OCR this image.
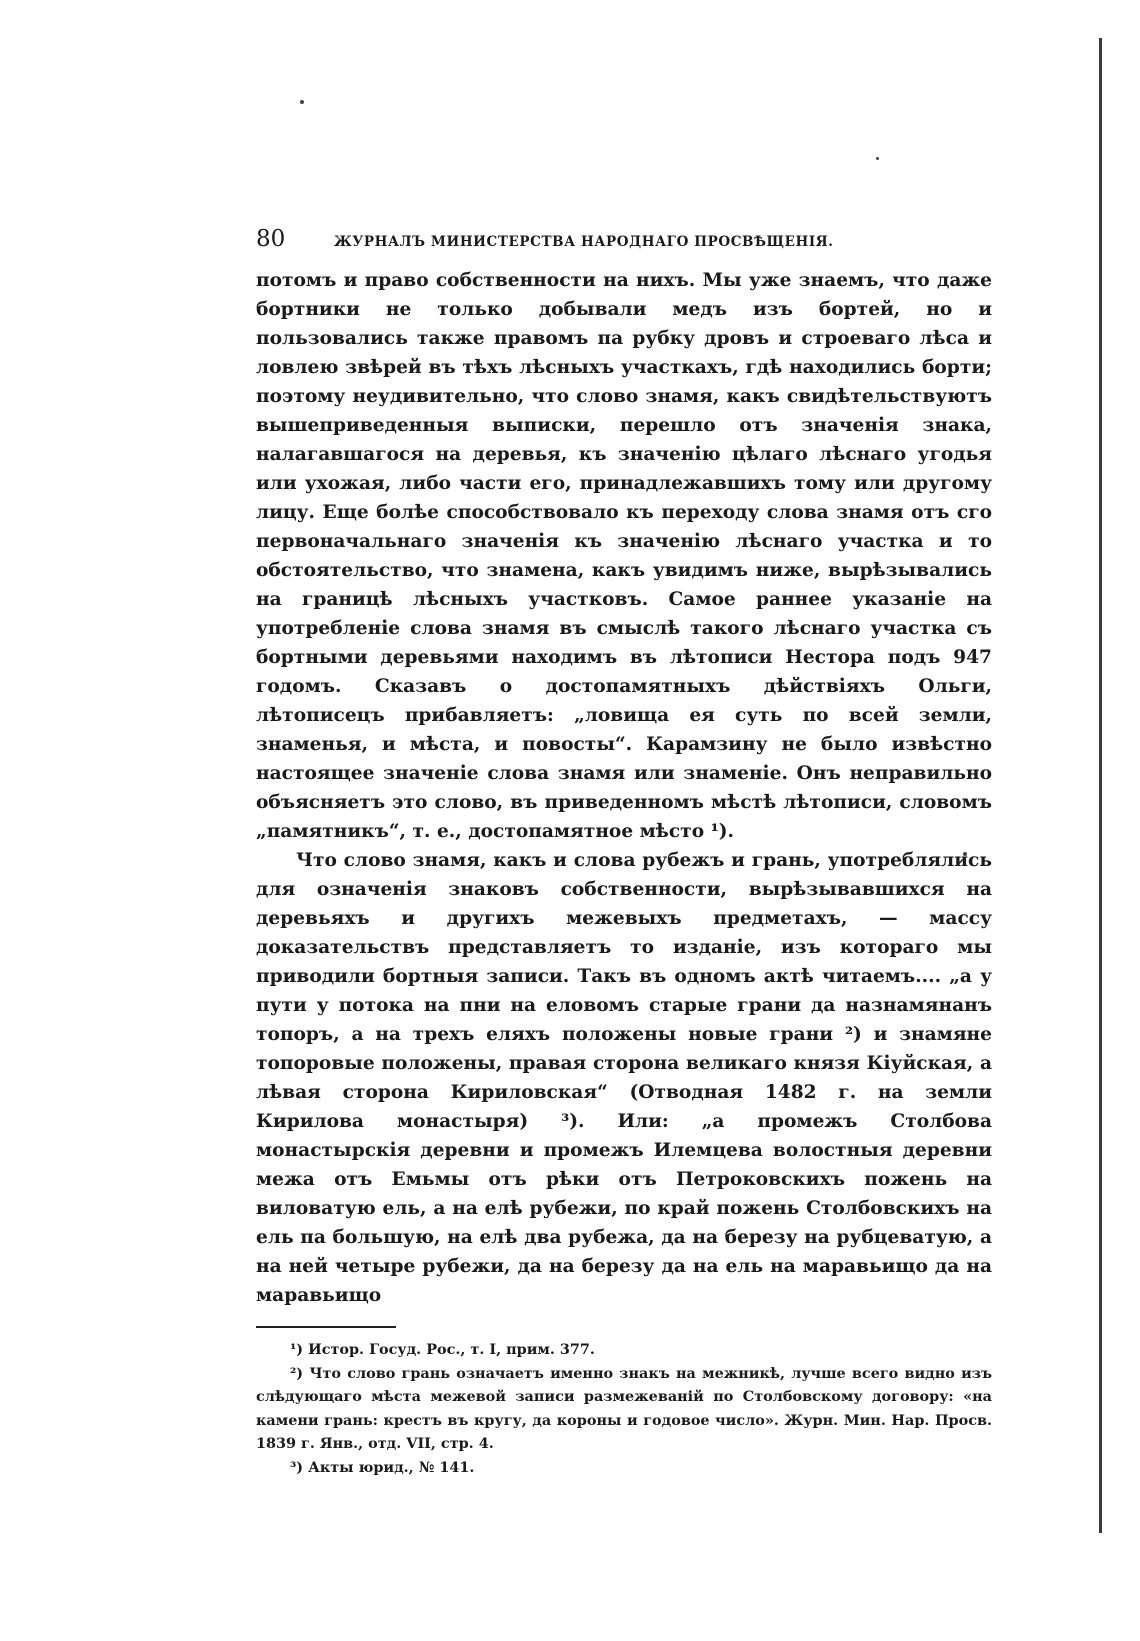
80	ЖУРНАЛЪ МИНИСТЕРСТВА НАРОДНАГО ПРОСВѢЩЕНІЯ.

потомъ и право собственности на нихъ. Мы уже знаемъ, что даже бортники не только добывали медъ изъ бортей, но и пользовались также правомъ па рубку дровъ и строеваго лѣса и ловлею звѣрей въ тѣхъ лѣсныхъ участкахъ, гдѣ находились борти; поэтому неудивительно, что слово знамя, какъ свидѣтельствуютъ вышеприведенныя выписки, перешло отъ значенія знака, налагавшагося на деревья, къ значенію цѣлаго лѣснаго угодья или ухожая, либо части его, принадлежавшихъ тому или другому лицу. Еще болѣе способствовало къ переходу слова знамя отъ сго первоначальнаго значенія къ значенію лѣснаго участка и то обстоятельство, что знамена, какъ увидимъ ниже, вырѣзывались на границѣ лѣсныхъ участковъ. Самое раннее указаніе на употребленіе слова знамя въ смыслѣ такого лѣснаго участка съ бортными деревьями находимъ въ лѣтописи Нестора подъ 947 годомъ. Сказавъ о достопамятныхъ дѣйствіяхъ Ольги, лѣтописецъ прибавляетъ: „ловища ея суть по всей земли, знаменья, и мѣста, и повосты“. Карамзину не было извѣстно настоящее значеніе слова знамя или знаменіе. Онъ неправильно объясняетъ это слово, въ приведенномъ мѣстѣ лѣтописи, словомъ „памятникъ“, т. е., достопамятное мѣсто ¹).

Что слово знамя, какъ и слова рубежъ и грань, употреблялись для означенія знаковъ собственности, вырѣзывавшихся на деревьяхъ и другихъ межевыхъ предметахъ, — массу доказательствъ представляетъ то изданіе, изъ котораго мы приводили бортныя записи. Такъ въ одномъ актѣ читаемъ.... „а у пути у потока на пни на еловомъ старые грани да назнамянанъ топоръ, а на трехъ еляхъ положены новые грани ²) и знамяне топоровые положены, правая сторона великаго князя Кіуйская, а лѣвая сторона Кириловская“ (Отводная 1482 г. на земли Кирилова монастыря) ³). Или: „а промежъ Столбова монастырскія деревни и промежъ Илемцева волостныя деревни межа отъ Емьмы отъ рѣки отъ Петроковскихъ пожень на виловатую ель, а на елѣ рубежи, по край пожень Столбовскихъ на ель па большую, на елѣ два рубежа, да на березу на рубцеватую, а на ней четыре рубежи, да на березу да на ель на маравьищо да на маравьищо

¹) Истор. Госуд. Рос., т. I, прим. 377.

²) Что слово грань означаетъ именно знакъ на межникѣ, лучше всего видно изъ слѣдующаго мѣста межевой записи размежеваній по Столбовскому договору: «на камени грань: крестъ въ кругу, да короны и годовое число». Журн. Мин. Нар. Просв. 1839 г. Янв., отд. VII, стр. 4.

³) Акты юрид., № 141.
